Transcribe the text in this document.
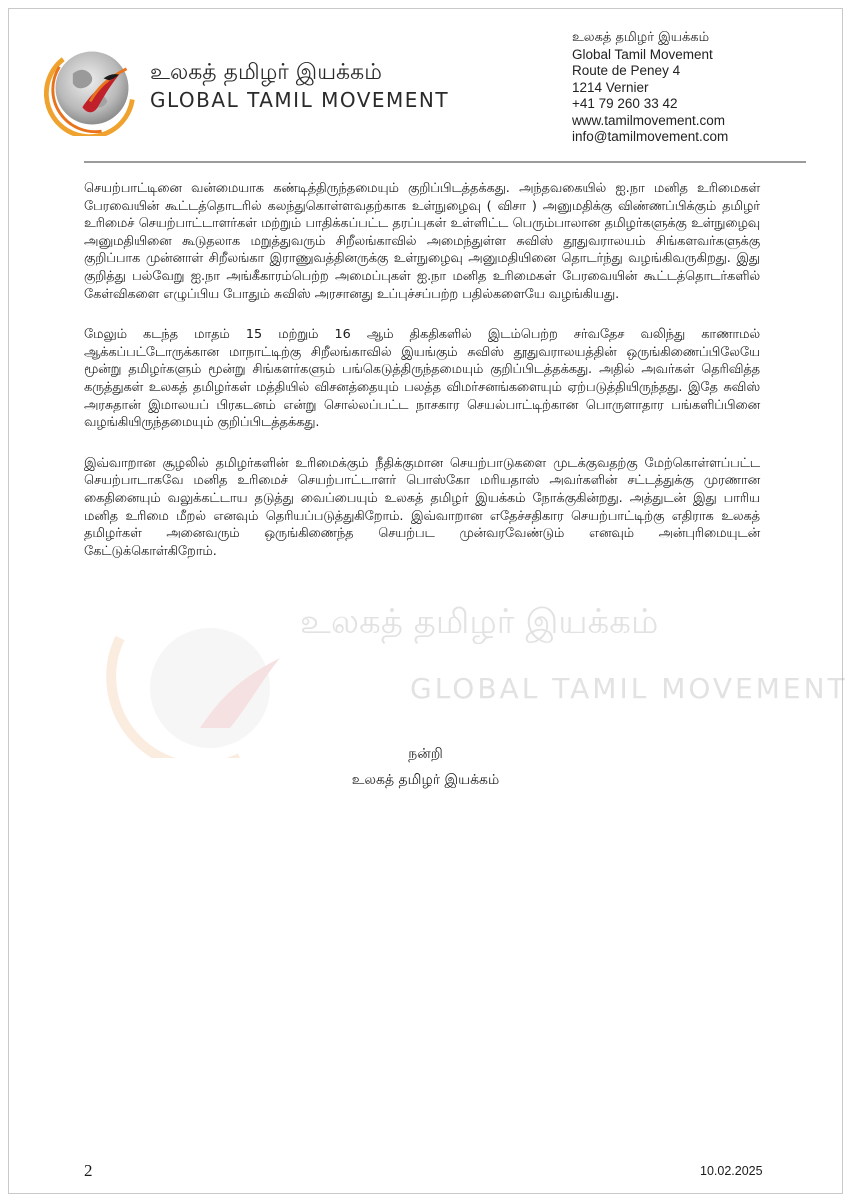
உலகத் தமிழர் இயக்கம்
GLOBAL TAMIL MOVEMENT
உலகத் தமிழர் இயக்கம்
Global Tamil Movement
Route de Peney 4
1214 Vernier
+41 79 260 33 42
www.tamilmovement.com
info@tamilmovement.com
உலகத் தமிழர் இயக்கம்
GLOBAL TAMIL MOVEMENT

செயற்பாட்டினை வன்மையாக கண்டித்திருந்தமையும் குறிப்பிடத்தக்கது. அந்தவகையில் ஐ.நா மனித உரிமைகள் பேரவையின் கூட்டத்தொடரில் கலந்துகொள்ளவதற்காக உள்நுழைவு ( விசா ) அனுமதிக்கு விண்ணப்பிக்கும் தமிழர் உரிமைச் செயற்பாட்டாளர்கள் மற்றும் பாதிக்கப்பட்ட தரப்புகள் உள்ளிட்ட பெரும்பாலான தமிழர்களுக்கு உள்நுழைவு அனுமதியினை கூடுதலாக மறுத்துவரும் சிறீலங்காவில் அமைந்துள்ள சுவிஸ் தூதுவராலயம் சிங்களவர்களுக்கு குறிப்பாக முன்னாள் சிறீலங்கா இராணுவத்தினருக்கு உள்நுழைவு அனுமதியினை தொடர்ந்து வழங்கிவருகிறது. இது குறித்து பல்வேறு ஐ.நா அங்கீகாரம்பெற்ற அமைப்புகள் ஐ.நா மனித உரிமைகள் பேரவையின் கூட்டத்தொடர்களில் கேள்விகளை எழுப்பிய போதும் சுவிஸ் அரசானது உப்புச்சப்பற்ற பதில்களையே வழங்கியது.

மேலும் கடந்த மாதம் 15 மற்றும் 16 ஆம் திகதிகளில் இடம்பெற்ற சர்வதேச வலிந்து காணாமல் ஆக்கப்பட்டோருக்கான மாநாட்டிற்கு சிறீலங்காவில் இயங்கும் சுவிஸ் தூதுவராலயத்தின் ஒருங்கிணைப்பிலேயே மூன்று தமிழர்களும் மூன்று சிங்களர்களும் பங்கெடுத்திருந்தமையும் குறிப்பிடத்தக்கது. அதில் அவர்கள் தெரிவித்த கருத்துகள் உலகத் தமிழர்கள் மத்தியில் விசனத்தையும் பலத்த விமர்சனங்களையும் ஏற்படுத்தியிருந்தது. இதே சுவிஸ் அரசுதான் இமாலயப் பிரகடனம் என்று சொல்லப்பட்ட நாசகார செயல்பாட்டிற்கான பொருளாதார பங்களிப்பினை வழங்கியிருந்தமையும் குறிப்பிடத்தக்கது.

இவ்வாறான சூழலில் தமிழர்களின் உரிமைக்கும் நீதிக்குமான செயற்பாடுகளை முடக்குவதற்கு மேற்கொள்ளப்பட்ட செயற்பாடாகவே மனித உரிமைச் செயற்பாட்டாளர் பொஸ்கோ மரியதாஸ் அவர்களின் சட்டத்துக்கு முரணான கைதினையும் வலுக்கட்டாய தடுத்து வைப்பையும் உலகத் தமிழர் இயக்கம் நோக்குகின்றது. அத்துடன் இது பாரிய மனித உரிமை மீறல் எனவும் தெரியப்படுத்துகிறோம். இவ்வாறான எதேச்சதிகார செயற்பாட்டிற்கு எதிராக உலகத் தமிழர்கள் அனைவரும் ஒருங்கிணைந்த செயற்பட முன்வரவேண்டும் எனவும் அன்புரிமையுடன் கேட்டுக்கொள்கிறோம்.

நன்றி
உலகத் தமிழர் இயக்கம்
2	10.02.2025
